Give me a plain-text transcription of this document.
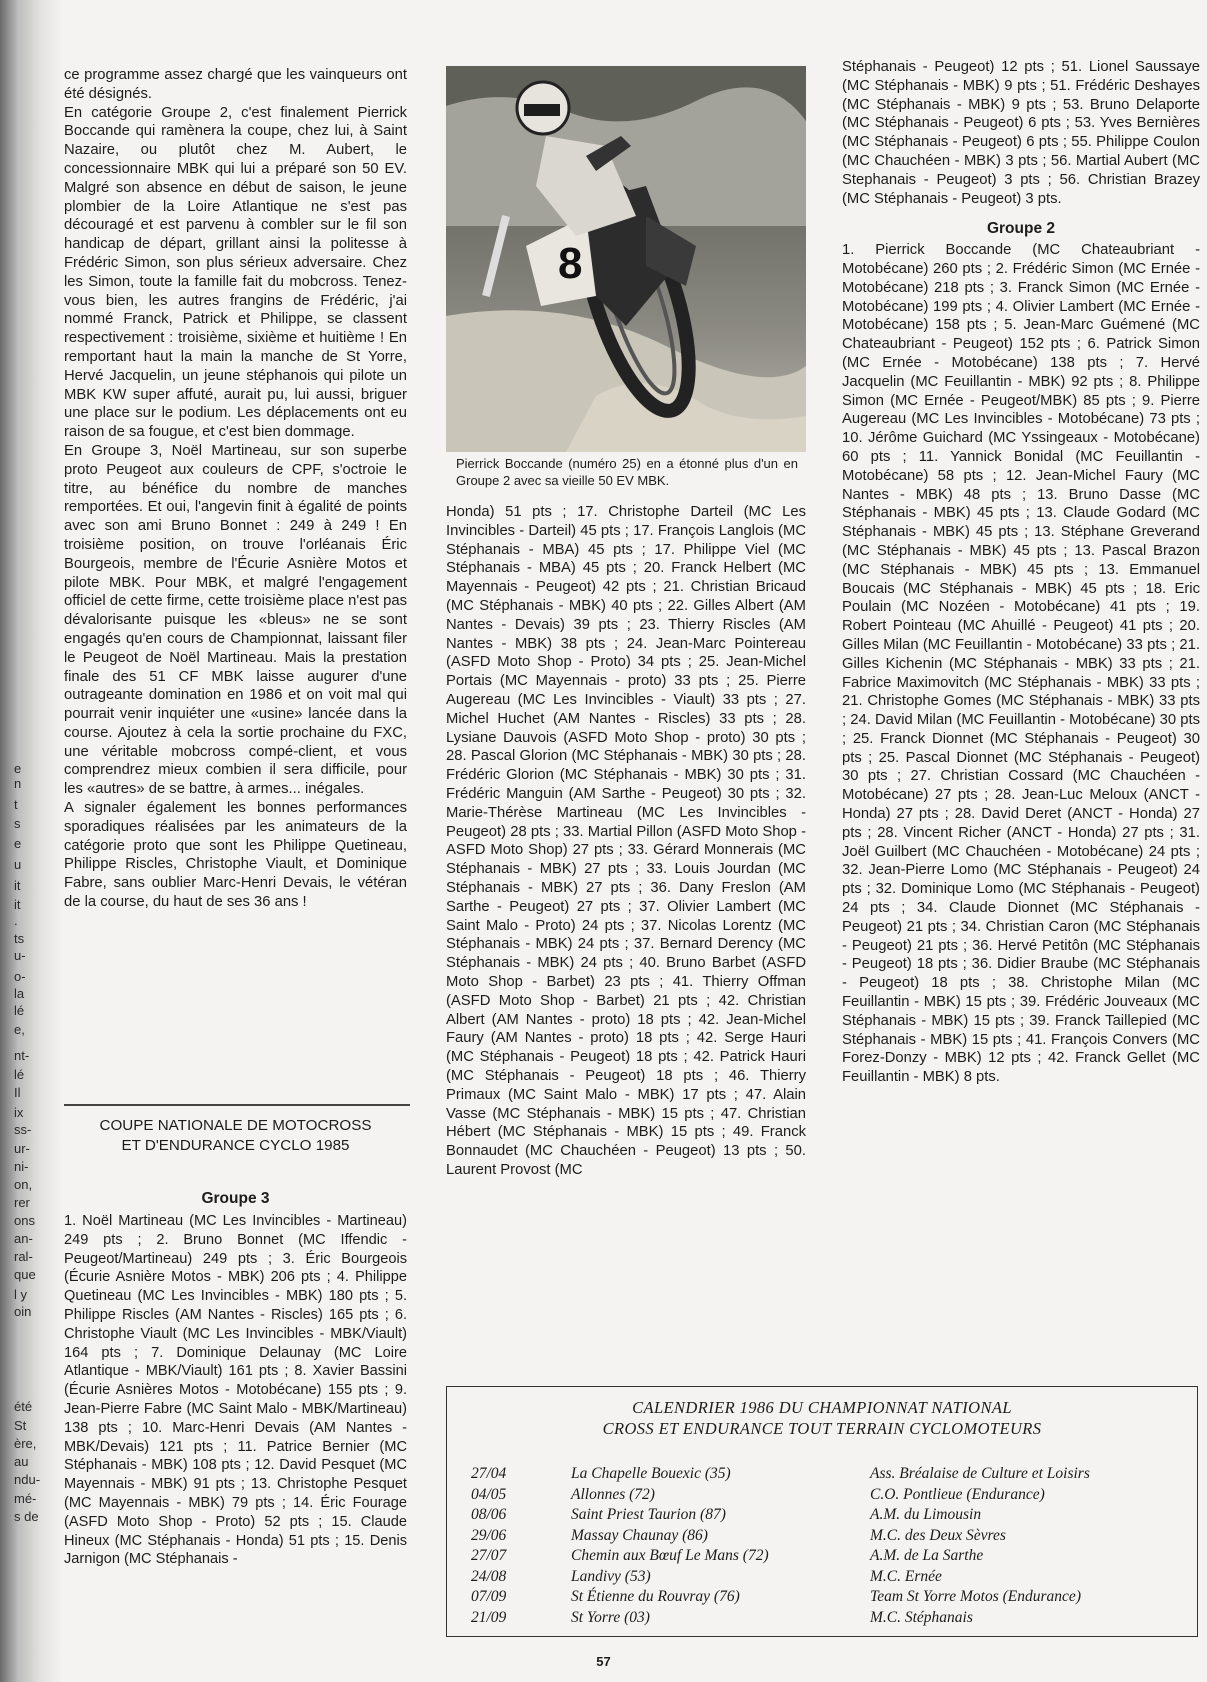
e
n
t
s
e
u
it
it
.
ts
u-
o-
la
lé
e,
nt-
lé
Il
ix
ss-
ur-
ni-
on,
rer
ons
an-
ral-
que
l y
oin
été
St
ère,
au
ndu-
mé-
s de

ce programme assez chargé que les vainqueurs ont été désignés.

En catégorie Groupe 2, c'est finalement Pierrick Boccande qui ramènera la coupe, chez lui, à Saint Nazaire, ou plutôt chez M. Aubert, le concessionnaire MBK qui lui a préparé son 50 EV. Malgré son absence en début de saison, le jeune plombier de la Loire Atlantique ne s'est pas découragé et est parvenu à combler sur le fil son handicap de départ, grillant ainsi la politesse à Frédéric Simon, son plus sérieux adversaire. Chez les Simon, toute la famille fait du mobcross. Tenez-vous bien, les autres frangins de Frédéric, j'ai nommé Franck, Patrick et Philippe, se classent respectivement : troisième, sixième et huitième ! En remportant haut la main la manche de St Yorre, Hervé Jacquelin, un jeune stéphanois qui pilote un MBK KW super affuté, aurait pu, lui aussi, briguer une place sur le podium. Les déplacements ont eu raison de sa fougue, et c'est bien dommage.

En Groupe 3, Noël Martineau, sur son superbe proto Peugeot aux couleurs de CPF, s'octroie le titre, au bénéfice du nombre de manches remportées. Et oui, l'angevin finit à égalité de points avec son ami Bruno Bonnet : 249 à 249 ! En troisième position, on trouve l'orléanais Éric Bourgeois, membre de l'Écurie Asnière Motos et pilote MBK. Pour MBK, et malgré l'engagement officiel de cette firme, cette troisième place n'est pas dévalorisante puisque les «bleus» ne se sont engagés qu'en cours de Championnat, laissant filer le Peugeot de Noël Martineau. Mais la prestation finale des 51 CF MBK laisse augurer d'une outrageante domination en 1986 et on voit mal qui pourrait venir inquiéter une «usine» lancée dans la course. Ajoutez à cela la sortie prochaine du FXC, une véritable mobcross compé-client, et vous comprendrez mieux combien il sera difficile, pour les «autres» de se battre, à armes... inégales.

A signaler également les bonnes performances sporadiques réalisées par les animateurs de la catégorie proto que sont les Philippe Quetineau, Philippe Riscles, Christophe Viault, et Dominique Fabre, sans oublier Marc-Henri Devais, le vétéran de la course, du haut de ses 36 ans !

COUPE NATIONALE DE MOTOCROSS
ET D'ENDURANCE CYCLO 1985
Groupe 3
1. Noël Martineau (MC Les Invincibles - Martineau) 249 pts ; 2. Bruno Bonnet (MC Iffendic - Peugeot/Martineau) 249 pts ; 3. Éric Bourgeois (Écurie Asnière Motos - MBK) 206 pts ; 4. Philippe Quetineau (MC Les Invincibles - MBK) 180 pts ; 5. Philippe Riscles (AM Nantes - Riscles) 165 pts ; 6. Christophe Viault (MC Les Invincibles - MBK/Viault) 164 pts ; 7. Dominique Delaunay (MC Loire Atlantique - MBK/Viault) 161 pts ; 8. Xavier Bassini (Écurie Asnières Motos - Motobécane) 155 pts ; 9. Jean-Pierre Fabre (MC Saint Malo - MBK/Martineau) 138 pts ; 10. Marc-Henri Devais (AM Nantes - MBK/Devais) 121 pts ; 11. Patrice Bernier (MC Stéphanais - MBK) 108 pts ; 12. David Pesquet (MC Mayennais - MBK) 91 pts ; 13. Christophe Pesquet (MC Mayennais - MBK) 79 pts ; 14. Éric Fourage (ASFD Moto Shop - Proto) 52 pts ; 15. Claude Hineux (MC Stéphanais - Honda) 51 pts ; 15. Denis Jarnigon (MC Stéphanais -
8
Pierrick Boccande (numéro 25) en a étonné plus d'un en Groupe 2 avec sa vieille 50 EV MBK.

Honda) 51 pts ; 17. Christophe Darteil (MC Les Invincibles - Darteil) 45 pts ; 17. François Langlois (MC Stéphanais - MBA) 45 pts ; 17. Philippe Viel (MC Stéphanais - MBA) 45 pts ; 20. Franck Helbert (MC Mayennais - Peugeot) 42 pts ; 21. Christian Bricaud (MC Stéphanais - MBK) 40 pts ; 22. Gilles Albert (AM Nantes - Devais) 39 pts ; 23. Thierry Riscles (AM Nantes - MBK) 38 pts ; 24. Jean-Marc Pointereau (ASFD Moto Shop - Proto) 34 pts ; 25. Jean-Michel Portais (MC Mayennais - proto) 33 pts ; 25. Pierre Augereau (MC Les Invincibles - Viault) 33 pts ; 27. Michel Huchet (AM Nantes - Riscles) 33 pts ; 28. Lysiane Dauvois (ASFD Moto Shop - proto) 30 pts ; 28. Pascal Glorion (MC Stéphanais - MBK) 30 pts ; 28. Frédéric Glorion (MC Stéphanais - MBK) 30 pts ; 31. Frédéric Manguin (AM Sarthe - Peugeot) 30 pts ; 32. Marie-Thérèse Martineau (MC Les Invincibles - Peugeot) 28 pts ; 33. Martial Pillon (ASFD Moto Shop - ASFD Moto Shop) 27 pts ; 33. Gérard Monnerais (MC Stéphanais - MBK) 27 pts ; 33. Louis Jourdan (MC Stéphanais - MBK) 27 pts ; 36. Dany Freslon (AM Sarthe - Peugeot) 27 pts ; 37. Olivier Lambert (MC Saint Malo - Proto) 24 pts ; 37. Nicolas Lorentz (MC Stéphanais - MBK) 24 pts ; 37. Bernard Derency (MC Stéphanais - MBK) 24 pts ; 40. Bruno Barbet (ASFD Moto Shop - Barbet) 23 pts ; 41. Thierry Offman (ASFD Moto Shop - Barbet) 21 pts ; 42. Christian Albert (AM Nantes - proto) 18 pts ; 42. Jean-Michel Faury (AM Nantes - proto) 18 pts ; 42. Serge Hauri (MC Stéphanais - Peugeot) 18 pts ; 42. Patrick Hauri (MC Stéphanais - Peugeot) 18 pts ; 46. Thierry Primaux (MC Saint Malo - MBK) 17 pts ; 47. Alain Vasse (MC Stéphanais - MBK) 15 pts ; 47. Christian Hébert (MC Stéphanais - MBK) 15 pts ; 49. Franck Bonnaudet (MC Chauchéen - Peugeot) 13 pts ; 50. Laurent Provost (MC

Stéphanais - Peugeot) 12 pts ; 51. Lionel Saussaye (MC Stéphanais - MBK) 9 pts ; 51. Frédéric Deshayes (MC Stéphanais - MBK) 9 pts ; 53. Bruno Delaporte (MC Stéphanais - Peugeot) 6 pts ; 53. Yves Bernières (MC Stéphanais - Peugeot) 6 pts ; 55. Philippe Coulon (MC Chauchéen - MBK) 3 pts ; 56. Martial Aubert (MC Stephanais - Peugeot) 3 pts ; 56. Christian Brazey (MC Stéphanais - Peugeot) 3 pts.

Groupe 2

1. Pierrick Boccande (MC Chateaubriant - Motobécane) 260 pts ; 2. Frédéric Simon (MC Ernée - Motobécane) 218 pts ; 3. Franck Simon (MC Ernée - Motobécane) 199 pts ; 4. Olivier Lambert (MC Ernée - Motobécane) 158 pts ; 5. Jean-Marc Guémené (MC Chateaubriant - Peugeot) 152 pts ; 6. Patrick Simon (MC Ernée - Motobécane) 138 pts ; 7. Hervé Jacquelin (MC Feuillantin - MBK) 92 pts ; 8. Philippe Simon (MC Ernée - Peugeot/MBK) 85 pts ; 9. Pierre Augereau (MC Les Invincibles - Motobécane) 73 pts ; 10. Jérôme Guichard (MC Yssingeaux - Motobécane) 60 pts ; 11. Yannick Bonidal (MC Feuillantin - Motobécane) 58 pts ; 12. Jean-Michel Faury (MC Nantes - MBK) 48 pts ; 13. Bruno Dasse (MC Stéphanais - MBK) 45 pts ; 13. Claude Godard (MC Stéphanais - MBK) 45 pts ; 13. Stéphane Greverand (MC Stéphanais - MBK) 45 pts ; 13. Pascal Brazon (MC Stéphanais - MBK) 45 pts ; 13. Emmanuel Boucais (MC Stéphanais - MBK) 45 pts ; 18. Eric Poulain (MC Nozéen - Motobécane) 41 pts ; 19. Robert Pointeau (MC Ahuillé - Peugeot) 41 pts ; 20. Gilles Milan (MC Feuillantin - Motobécane) 33 pts ; 21. Gilles Kichenin (MC Stéphanais - MBK) 33 pts ; 21. Fabrice Maximovitch (MC Stéphanais - MBK) 33 pts ; 21. Christophe Gomes (MC Stéphanais - MBK) 33 pts ; 24. David Milan (MC Feuillantin - Motobécane) 30 pts ; 25. Franck Dionnet (MC Stéphanais - Peugeot) 30 pts ; 25. Pascal Dionnet (MC Stéphanais - Peugeot) 30 pts ; 27. Christian Cossard (MC Chauchéen - Motobécane) 27 pts ; 28. Jean-Luc Meloux (ANCT - Honda) 27 pts ; 28. David Deret (ANCT - Honda) 27 pts ; 28. Vincent Richer (ANCT - Honda) 27 pts ; 31. Joël Guilbert (MC Chauchéen - Motobécane) 24 pts ; 32. Jean-Pierre Lomo (MC Stéphanais - Peugeot) 24 pts ; 32. Dominique Lomo (MC Stéphanais - Peugeot) 24 pts ; 34. Claude Dionnet (MC Stéphanais - Peugeot) 21 pts ; 34. Christian Caron (MC Stéphanais - Peugeot) 21 pts ; 36. Hervé Petitôn (MC Stéphanais - Peugeot) 18 pts ; 36. Didier Braube (MC Stéphanais - Peugeot) 18 pts ; 38. Christophe Milan (MC Feuillantin - MBK) 15 pts ; 39. Frédéric Jouveaux (MC Stéphanais - MBK) 15 pts ; 39. Franck Taillepied (MC Stéphanais - MBK) 15 pts ; 41. François Convers (MC Forez-Donzy - MBK) 12 pts ; 42. Franck Gellet (MC Feuillantin - MBK) 8 pts.

CALENDRIER 1986 DU CHAMPIONNAT NATIONAL
CROSS ET ENDURANCE TOUT TERRAIN CYCLOMOTEURS
27/04	La Chapelle Bouexic (35)	Ass. Bréalaise de Culture et Loisirs
04/05	Allonnes (72)	C.O. Pontlieue (Endurance)
08/06	Saint Priest Taurion (87)	A.M. du Limousin
29/06	Massay Chaunay (86)	M.C. des Deux Sèvres
27/07	Chemin aux Bœuf Le Mans (72)	A.M. de La Sarthe
24/08	Landivy (53)	M.C. Ernée
07/09	St Étienne du Rouvray (76)	Team St Yorre Motos (Endurance)
21/09	St Yorre (03)	M.C. Stéphanais
57
